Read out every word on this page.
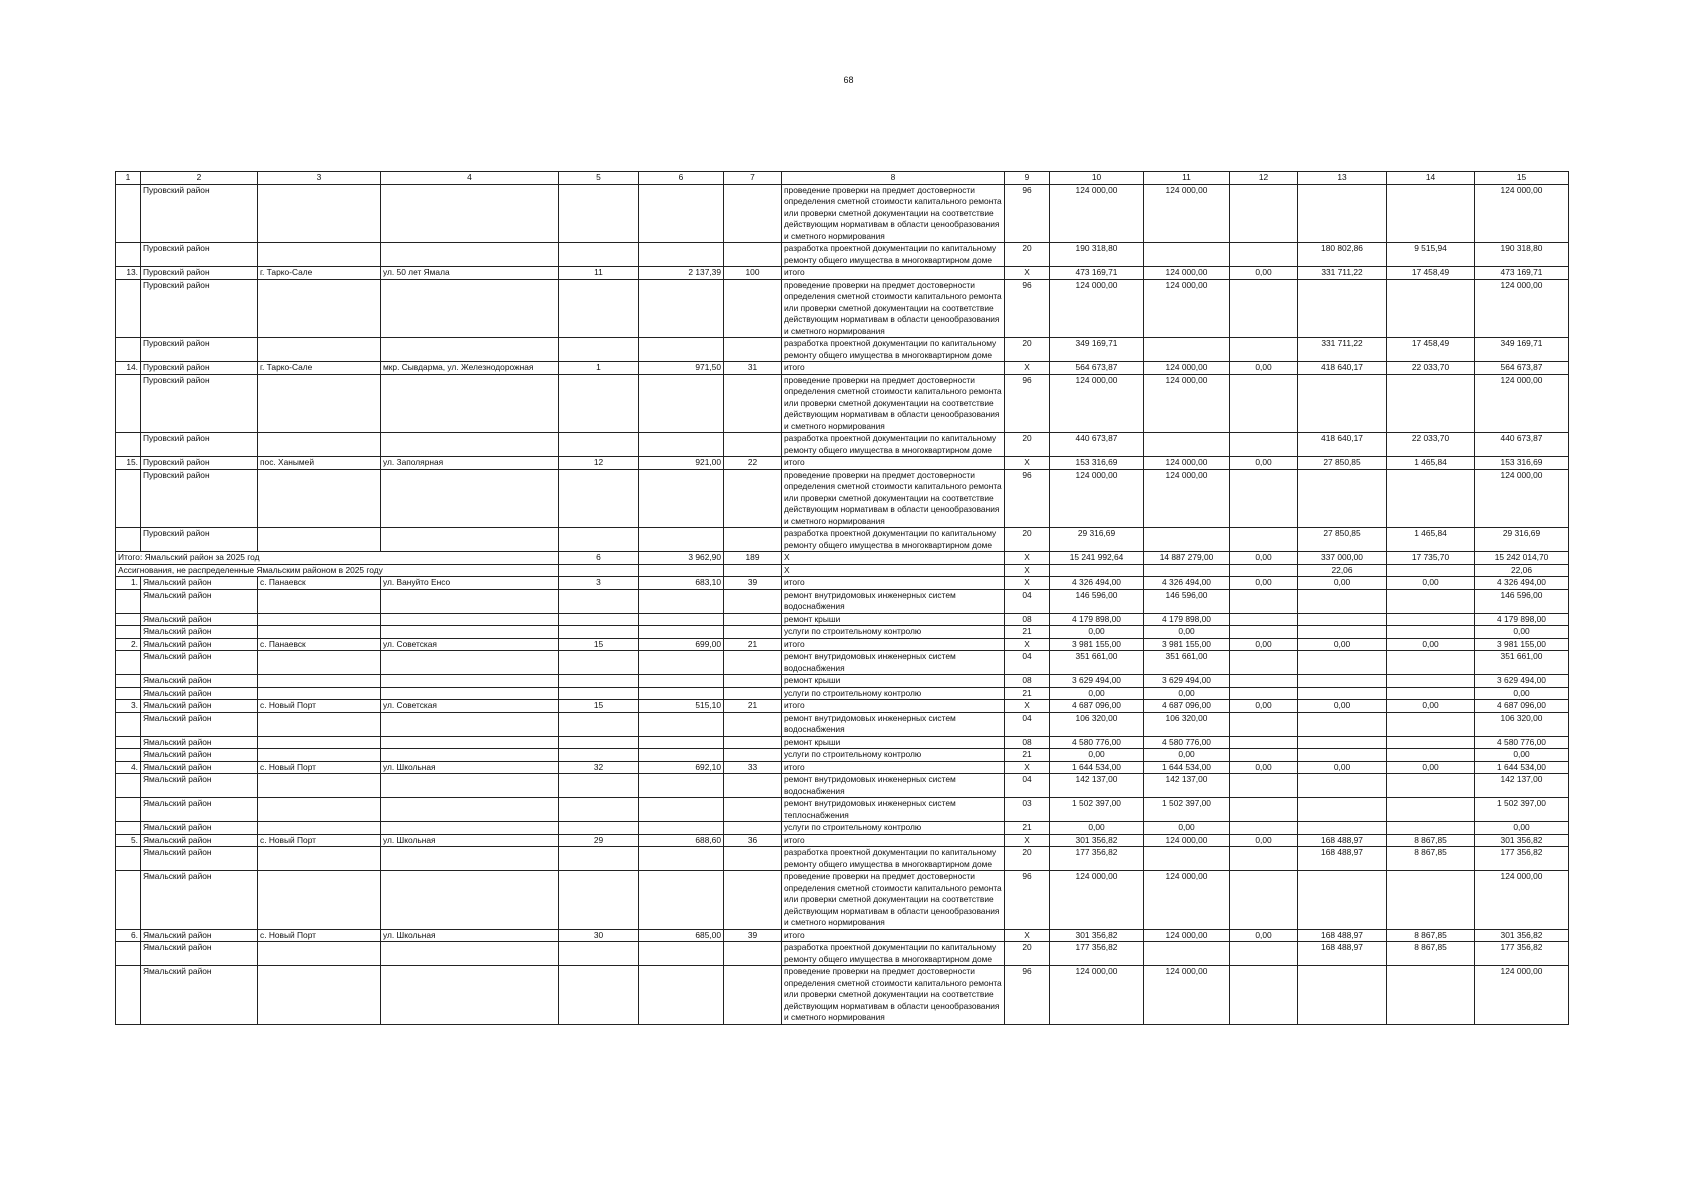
68
1	2	3	4	5	6	7	8	9	10	11	12	13	14	15
	Пуровский район						проведение проверки на предмет достоверности определения сметной стоимости капитального ремонта или проверки сметной документации на соответствие действующим нормативам в области ценообразования и сметного нормирования	96	124 000,00	124 000,00				124 000,00
	Пуровский район						разработка проектной документации по капитальному ремонту общего имущества в многоквартирном доме	20	190 318,80			180 802,86	9 515,94	190 318,80
13.	Пуровский район	г. Тарко-Сале	ул. 50 лет Ямала	11	2 137,39	100	итого	Х	473 169,71	124 000,00	0,00	331 711,22	17 458,49	473 169,71
	Пуровский район						проведение проверки на предмет достоверности определения сметной стоимости капитального ремонта или проверки сметной документации на соответствие действующим нормативам в области ценообразования и сметного нормирования	96	124 000,00	124 000,00				124 000,00
	Пуровский район						разработка проектной документации по капитальному ремонту общего имущества в многоквартирном доме	20	349 169,71			331 711,22	17 458,49	349 169,71
14.	Пуровский район	г. Тарко-Сале	мкр. Сывдарма, ул. Железнодорожная	1	971,50	31	итого	Х	564 673,87	124 000,00	0,00	418 640,17	22 033,70	564 673,87
	Пуровский район						проведение проверки на предмет достоверности определения сметной стоимости капитального ремонта или проверки сметной документации на соответствие действующим нормативам в области ценообразования и сметного нормирования	96	124 000,00	124 000,00				124 000,00
	Пуровский район						разработка проектной документации по капитальному ремонту общего имущества в многоквартирном доме	20	440 673,87			418 640,17	22 033,70	440 673,87
15.	Пуровский район	пос. Ханымей	ул. Заполярная	12	921,00	22	итого	Х	153 316,69	124 000,00	0,00	27 850,85	1 465,84	153 316,69
	Пуровский район						проведение проверки на предмет достоверности определения сметной стоимости капитального ремонта или проверки сметной документации на соответствие действующим нормативам в области ценообразования и сметного нормирования	96	124 000,00	124 000,00				124 000,00
	Пуровский район						разработка проектной документации по капитальному ремонту общего имущества в многоквартирном доме	20	29 316,69			27 850,85	1 465,84	29 316,69
Итого: Ямальский район за 2025 год				6	3 962,90	189	Х	Х	15 241 992,64	14 887 279,00	0,00	337 000,00	17 735,70	15 242 014,70
Ассигнования, не распределенные Ямальским районом в 2025 году							Х	Х				22,06		22,06
1.	Ямальский район	с. Панаевск	ул. Вануйто Енсо	3	683,10	39	итого	Х	4 326 494,00	4 326 494,00	0,00	0,00	0,00	4 326 494,00
	Ямальский район						ремонт внутридомовых инженерных систем водоснабжения	04	146 596,00	146 596,00				146 596,00
	Ямальский район						ремонт крыши	08	4 179 898,00	4 179 898,00				4 179 898,00
	Ямальский район						услуги по строительному контролю	21	0,00	0,00				0,00
2.	Ямальский район	с. Панаевск	ул. Советская	15	699,00	21	итого	Х	3 981 155,00	3 981 155,00	0,00	0,00	0,00	3 981 155,00
	Ямальский район						ремонт внутридомовых инженерных систем водоснабжения	04	351 661,00	351 661,00				351 661,00
	Ямальский район						ремонт крыши	08	3 629 494,00	3 629 494,00				3 629 494,00
	Ямальский район						услуги по строительному контролю	21	0,00	0,00				0,00
3.	Ямальский район	с. Новый Порт	ул. Советская	15	515,10	21	итого	Х	4 687 096,00	4 687 096,00	0,00	0,00	0,00	4 687 096,00
	Ямальский район						ремонт внутридомовых инженерных систем водоснабжения	04	106 320,00	106 320,00				106 320,00
	Ямальский район						ремонт крыши	08	4 580 776,00	4 580 776,00				4 580 776,00
	Ямальский район						услуги по строительному контролю	21	0,00	0,00				0,00
4.	Ямальский район	с. Новый Порт	ул. Школьная	32	692,10	33	итого	Х	1 644 534,00	1 644 534,00	0,00	0,00	0,00	1 644 534,00
	Ямальский район						ремонт внутридомовых инженерных систем водоснабжения	04	142 137,00	142 137,00				142 137,00
	Ямальский район						ремонт внутридомовых инженерных систем теплоснабжения	03	1 502 397,00	1 502 397,00				1 502 397,00
	Ямальский район						услуги по строительному контролю	21	0,00	0,00				0,00
5.	Ямальский район	с. Новый Порт	ул. Школьная	29	688,60	36	итого	Х	301 356,82	124 000,00	0,00	168 488,97	8 867,85	301 356,82
	Ямальский район						разработка проектной документации по капитальному ремонту общего имущества в многоквартирном доме	20	177 356,82			168 488,97	8 867,85	177 356,82
	Ямальский район						проведение проверки на предмет достоверности определения сметной стоимости капитального ремонта или проверки сметной документации на соответствие действующим нормативам в области ценообразования и сметного нормирования	96	124 000,00	124 000,00				124 000,00
6.	Ямальский район	с. Новый Порт	ул. Школьная	30	685,00	39	итого	Х	301 356,82	124 000,00	0,00	168 488,97	8 867,85	301 356,82
	Ямальский район						разработка проектной документации по капитальному ремонту общего имущества в многоквартирном доме	20	177 356,82			168 488,97	8 867,85	177 356,82
	Ямальский район						проведение проверки на предмет достоверности определения сметной стоимости капитального ремонта или проверки сметной документации на соответствие действующим нормативам в области ценообразования и сметного нормирования	96	124 000,00	124 000,00				124 000,00
